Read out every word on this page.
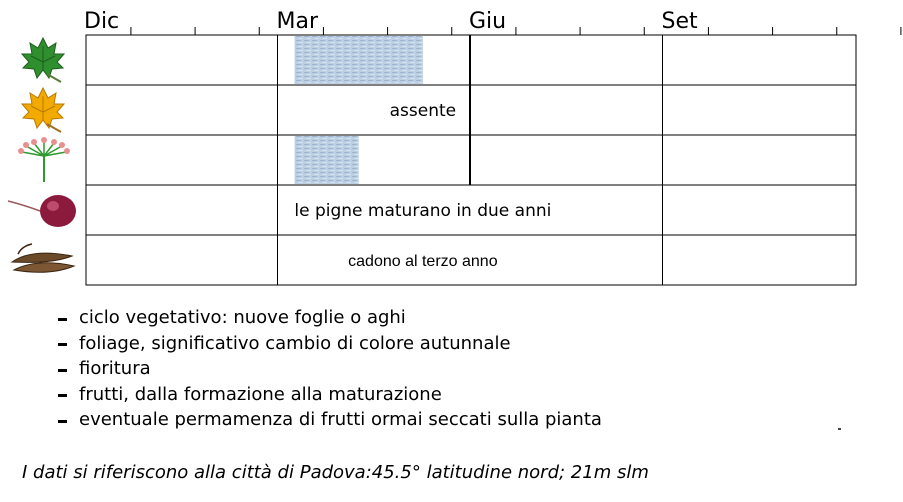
Dic	Mar	Giu	Set
assente
le pigne maturano in due anni
cadono al terzo anno
ciclo vegetativo: nuove foglie o aghi
foliage, significativo cambio di colore autunnale
fioritura
frutti, dalla formazione alla maturazione
eventuale permamenza di frutti ormai seccati sulla pianta
I dati si riferiscono alla città di Padova:45.5° latitudine nord; 21m slm
